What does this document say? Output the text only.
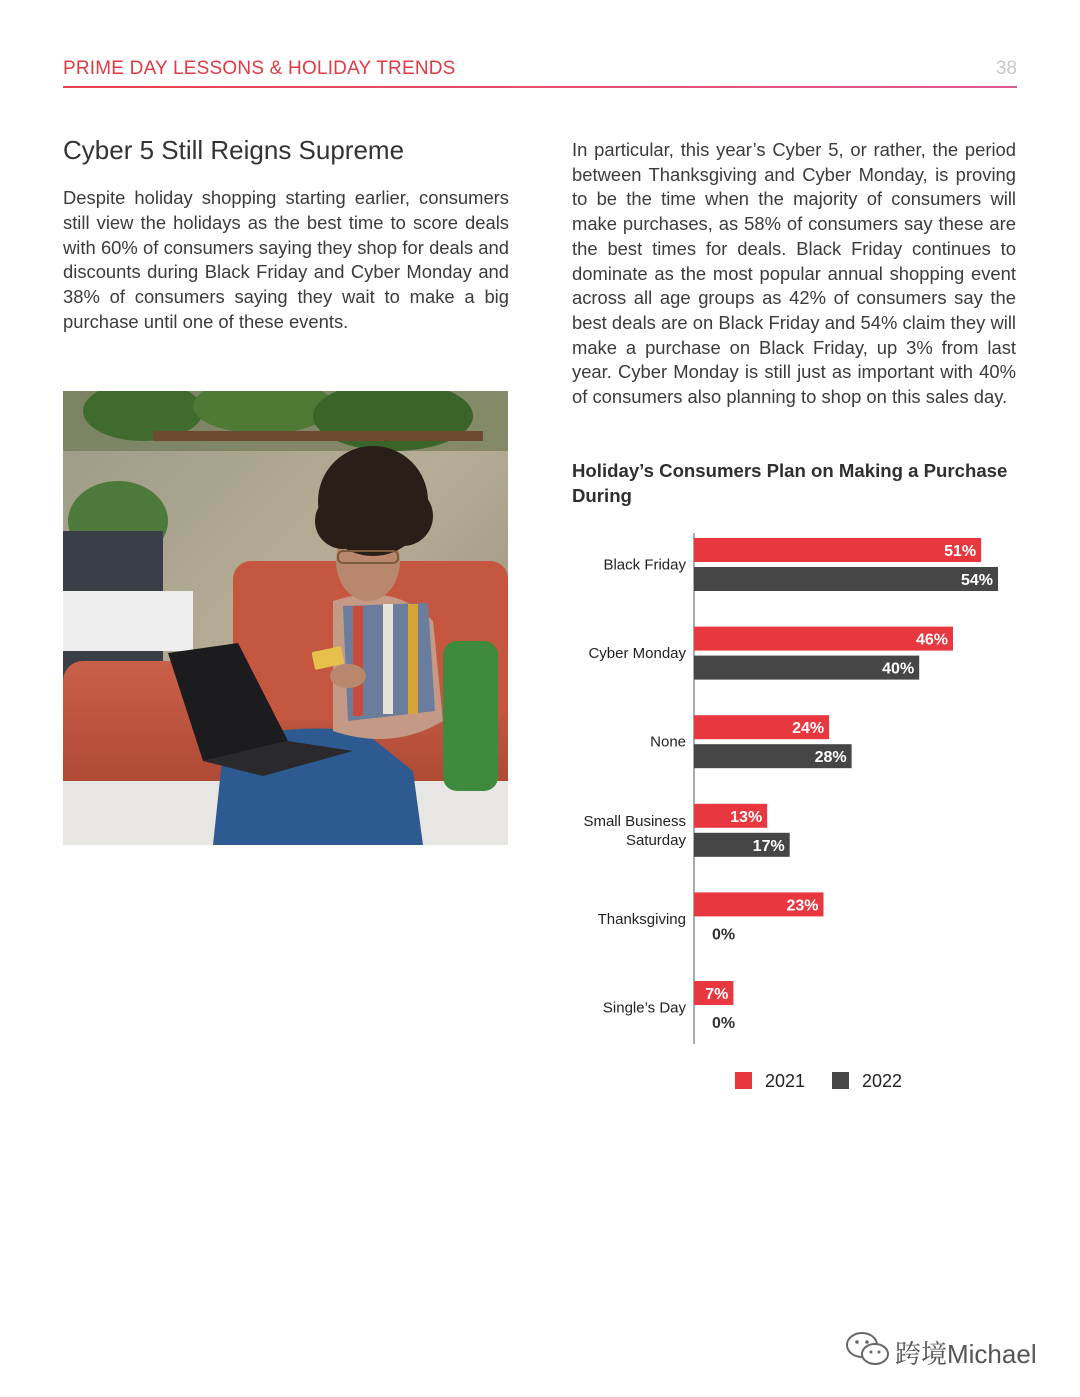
PRIME DAY LESSONS & HOLIDAY TRENDS	38
Cyber 5 Still Reigns Supreme

Despite holiday shopping starting earlier, consumers still view the holidays as the best time to score deals with 60% of consumers saying they shop for deals and discounts during Black Friday and Cyber Monday and 38% of consumers saying they wait to make a big purchase until one of these events.

In particular, this year’s Cyber 5, or rather, the period between Thanksgiving and Cyber Monday, is proving to be the time when the majority of consumers will make purchases, as 58% of consumers say these are the best times for deals. Black Friday continues to dominate as the most popular annual shopping event across all age groups as 42% of consumers say the best deals are on Black Friday and 54% claim they will make a purchase on Black Friday, up 3% from last year. Cyber Monday is still just as important with 40% of consumers also planning to shop on this sales day.

Holiday’s Consumers Plan on Making a Purchase During
Black Friday
51%
54%
Cyber Monday
46%
40%
None
24%
28%
Small Business
Saturday
13%
17%
Thanksgiving
23%
0%
Single’s Day
7%
0%
2021	2022
跨境Michael
